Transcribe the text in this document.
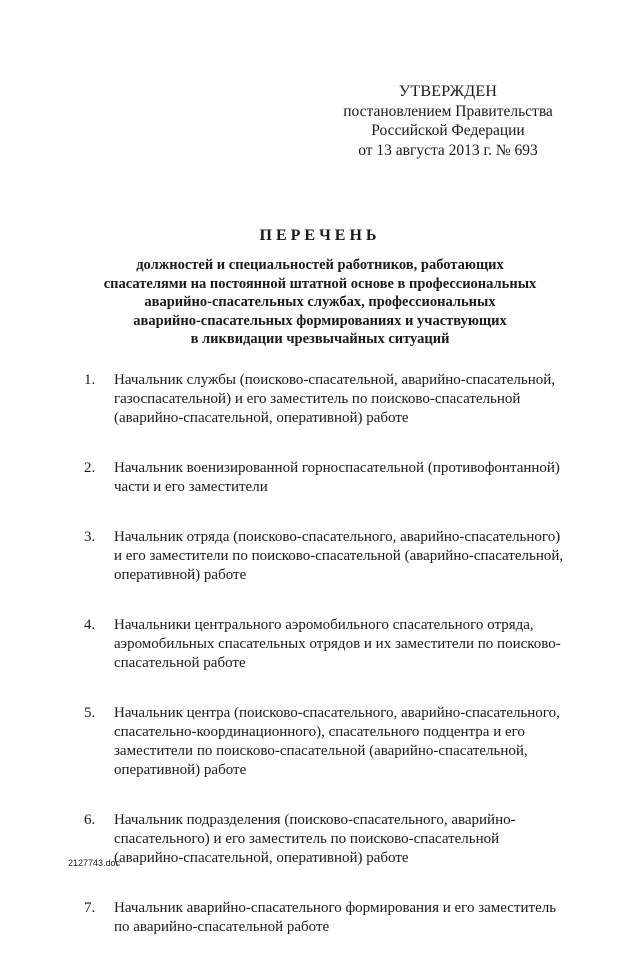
УТВЕРЖДЕН
постановлением Правительства
Российской Федерации
от 13 августа 2013 г. № 693
ПЕРЕЧЕНЬ
должностей и специальностей работников, работающих
спасателями на постоянной штатной основе в профессиональных
аварийно-спасательных службах, профессиональных
аварийно-спасательных формированиях и участвующих
в ликвидации чрезвычайных ситуаций
1. Начальник службы (поисково-спасательной, аварийно-спасательной,
газоспасательной) и его заместитель по поисково-спасательной
(аварийно-спасательной, оперативной) работе
2. Начальник военизированной горноспасательной (противофонтанной)
части и его заместители
3. Начальник отряда (поисково-спасательного, аварийно-спасательного)
и его заместители по поисково-спасательной (аварийно-спасательной,
оперативной) работе
4. Начальники центрального аэромобильного спасательного отряда,
аэромобильных спасательных отрядов и их заместители по поисково-
спасательной работе
5. Начальник центра (поисково-спасательного, аварийно-спасательного,
спасательно-координационного), спасательного подцентра и его
заместители по поисково-спасательной (аварийно-спасательной,
оперативной) работе
6. Начальник подразделения (поисково-спасательного, аварийно-
спасательного) и его заместитель по поисково-спасательной
(аварийно-спасательной, оперативной) работе
7. Начальник аварийно-спасательного формирования и его заместитель
по аварийно-спасательной работе
2127743.doc
